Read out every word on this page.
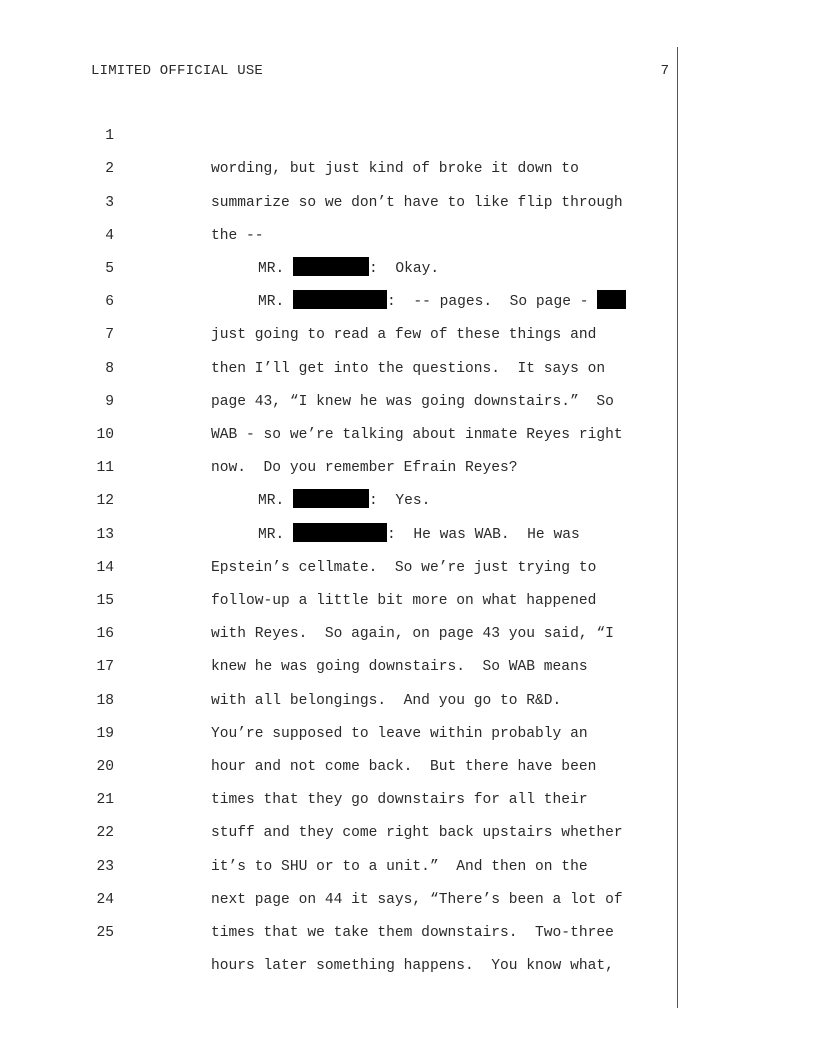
LIMITED OFFICIAL USE	7

1

wording, but just kind of broke it down to

2

summarize so we don’t have to like flip through

3

the --

4

MR.	:  Okay.

5

MR.	:  -- pages.  So page -

6

just going to read a few of these things and

7

then I’ll get into the questions.  It says on

8

page 43, “I knew he was going downstairs.”  So

9

WAB - so we’re talking about inmate Reyes right

10

now.  Do you remember Efrain Reyes?

11

MR.	:  Yes.

12

MR.	:  He was WAB.  He was

13

Epstein’s cellmate.  So we’re just trying to

14

follow-up a little bit more on what happened

15

with Reyes.  So again, on page 43 you said, “I

16

knew he was going downstairs.  So WAB means

17

with all belongings.  And you go to R&D.

18

You’re supposed to leave within probably an

19

hour and not come back.  But there have been

20

times that they go downstairs for all their

21

stuff and they come right back upstairs whether

22

it’s to SHU or to a unit.”  And then on the

23

next page on 44 it says, “There’s been a lot of

24

times that we take them downstairs.  Two-three

25

hours later something happens.  You know what,
